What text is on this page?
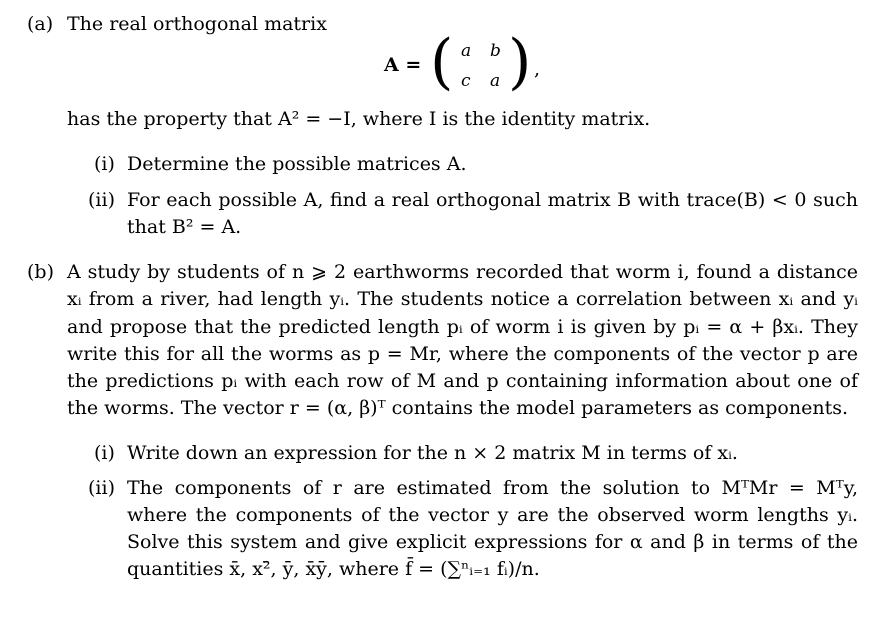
(a) The real orthogonal matrix
A = ( a b
c a ) ,
has the property that A² = −I, where I is the identity matrix.
(i) Determine the possible matrices A.
(ii) For each possible A, find a real orthogonal matrix B with trace(B) < 0 such
that B² = A.
(b) A study by students of n ⩾ 2 earthworms recorded that worm i, found a distance
xᵢ from a river, had length yᵢ. The students notice a correlation between xᵢ and yᵢ
and propose that the predicted length pᵢ of worm i is given by pᵢ = α + βxᵢ. They
write this for all the worms as p = Mr, where the components of the vector p are
the predictions pᵢ with each row of M and p containing information about one of
the worms. The vector r = (α, β)ᵀ contains the model parameters as components.
(i) Write down an expression for the n × 2 matrix M in terms of xᵢ.
(ii) The components of r are estimated from the solution to MᵀMr = Mᵀy,
where the components of the vector y are the observed worm lengths yᵢ.
Solve this system and give explicit expressions for α and β in terms of the
quantities x̄, x²̄, ȳ, x̄ȳ, where f̄ = (∑ⁿᵢ₌₁ fᵢ)/n.
